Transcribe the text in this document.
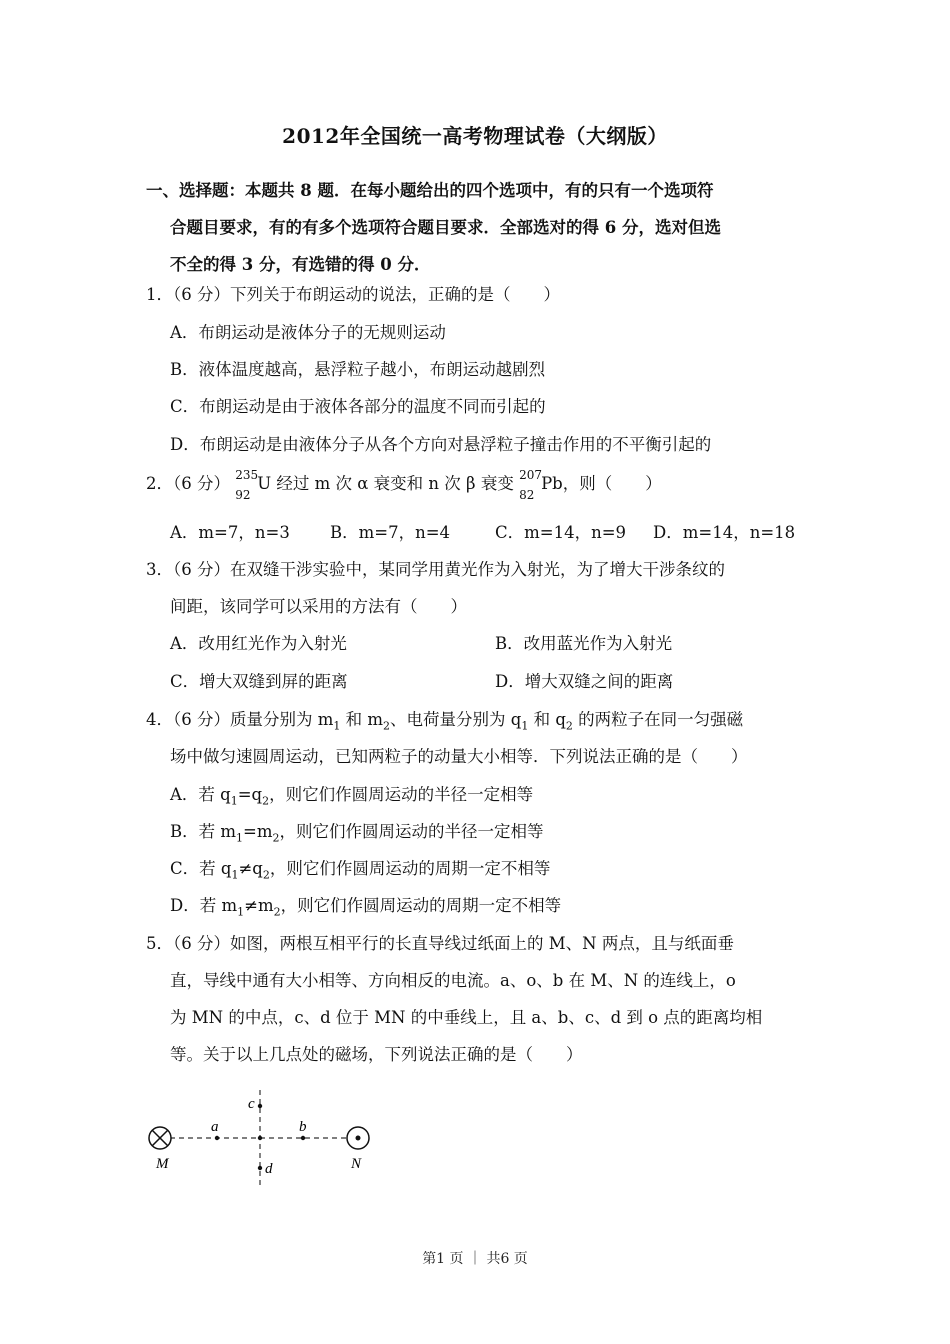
2012年全国统一高考物理试卷（大纲版）
一、选择题：本题共 8 题．在每小题给出的四个选项中，有的只有一个选项符
合题目要求，有的有多个选项符合题目要求．全部选对的得 6 分，选对但选
不全的得 3 分，有选错的得 0 分．
1．（6 分）下列关于布朗运动的说法，正确的是（　　）
A．布朗运动是液体分子的无规则运动
B．液体温度越高，悬浮粒子越小，布朗运动越剧烈
C．布朗运动是由于液体各部分的温度不同而引起的
D．布朗运动是由液体分子从各个方向对悬浮粒子撞击作用的不平衡引起的
2．（6 分） 235
92
U 经过 m 次 α 衰变和 n 次 β 衰变 207
82
Pb，则（　　）
A．m=7，n=3 B．m=7，n=4	C．m=14，n=9 D．m=14，n=18
3．（6 分）在双缝干涉实验中，某同学用黄光作为入射光，为了增大干涉条纹的
间距，该同学可以采用的方法有（　　）
A．改用红光作为入射光	B．改用蓝光作为入射光
C．增大双缝到屏的距离	D．增大双缝之间的距离
4．（6 分）质量分别为 $m_1$ 和 $m_2$、电荷量分别为 $q_1$ 和 $q_2$ 的两粒子在同一匀强磁
场中做匀速圆周运动，已知两粒子的动量大小相等．下列说法正确的是（　　）
A．若 $q_1=q_2$，则它们作圆周运动的半径一定相等
B．若 $m_1=m_2$，则它们作圆周运动的半径一定相等
C．若 $q_1\ne q_2$，则它们作圆周运动的周期一定不相等
D．若 $m_1\ne m_2$，则它们作圆周运动的周期一定不相等
5．（6 分）如图，两根互相平行的长直导线过纸面上的 M、N 两点，且与纸面垂
直，导线中通有大小相等、方向相反的电流。a、o、b 在 M、N 的连线上，o
为 MN 的中点，c、d 位于 MN 的中垂线上，且 a、b、c、d 到 o 点的距离均相
等。关于以上几点处的磁场，下列说法正确的是（　　）
M	N
a	b
c
d
第1 页 ｜ 共6 页
